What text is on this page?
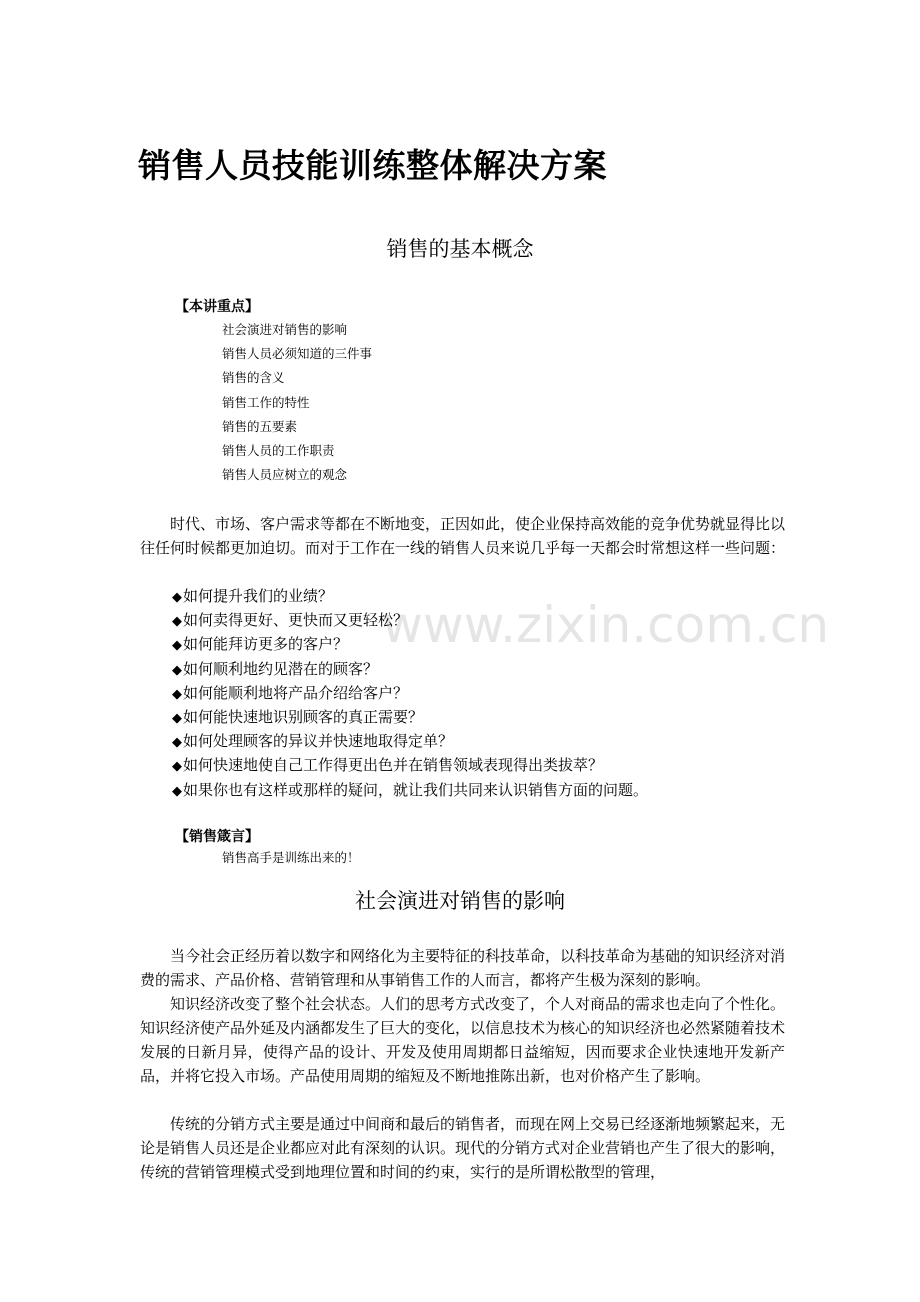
销售人员技能训练整体解决方案
销售的基本概念
【本讲重点】
社会演进对销售的影响
销售人员必须知道的三件事
销售的含义
销售工作的特性
销售的五要素
销售人员的工作职责
销售人员应树立的观念

时代、市场、客户需求等都在不断地变，正因如此，使企业保持高效能的竞争优势就显得比以往任何时候都更加迫切。而对于工作在一线的销售人员来说几乎每一天都会时常想这样一些问题：

◆如何提升我们的业绩？
◆如何卖得更好、更快而又更轻松？
◆如何能拜访更多的客户？
◆如何顺利地约见潜在的顾客？
◆如何能顺利地将产品介绍给客户？
◆如何能快速地识别顾客的真正需要？
◆如何处理顾客的异议并快速地取得定单？
◆如何快速地使自己工作得更出色并在销售领域表现得出类拔萃？
◆如果你也有这样或那样的疑问，就让我们共同来认识销售方面的问题。
【销售箴言】
销售高手是训练出来的！
社会演进对销售的影响

当今社会正经历着以数字和网络化为主要特征的科技革命，以科技革命为基础的知识经济对消费的需求、产品价格、营销管理和从事销售工作的人而言，都将产生极为深刻的影响。

知识经济改变了整个社会状态。人们的思考方式改变了，个人对商品的需求也走向了个性化。知识经济使产品外延及内涵都发生了巨大的变化，以信息技术为核心的知识经济也必然紧随着技术发展的日新月异，使得产品的设计、开发及使用周期都日益缩短，因而要求企业快速地开发新产品，并将它投入市场。产品使用周期的缩短及不断地推陈出新，也对价格产生了影响。

传统的分销方式主要是通过中间商和最后的销售者，而现在网上交易已经逐渐地频繁起来，无论是销售人员还是企业都应对此有深刻的认识。现代的分销方式对企业营销也产生了很大的影响，传统的营销管理模式受到地理位置和时间的约束，实行的是所谓松散型的管理，

www.zixin.com.cn
